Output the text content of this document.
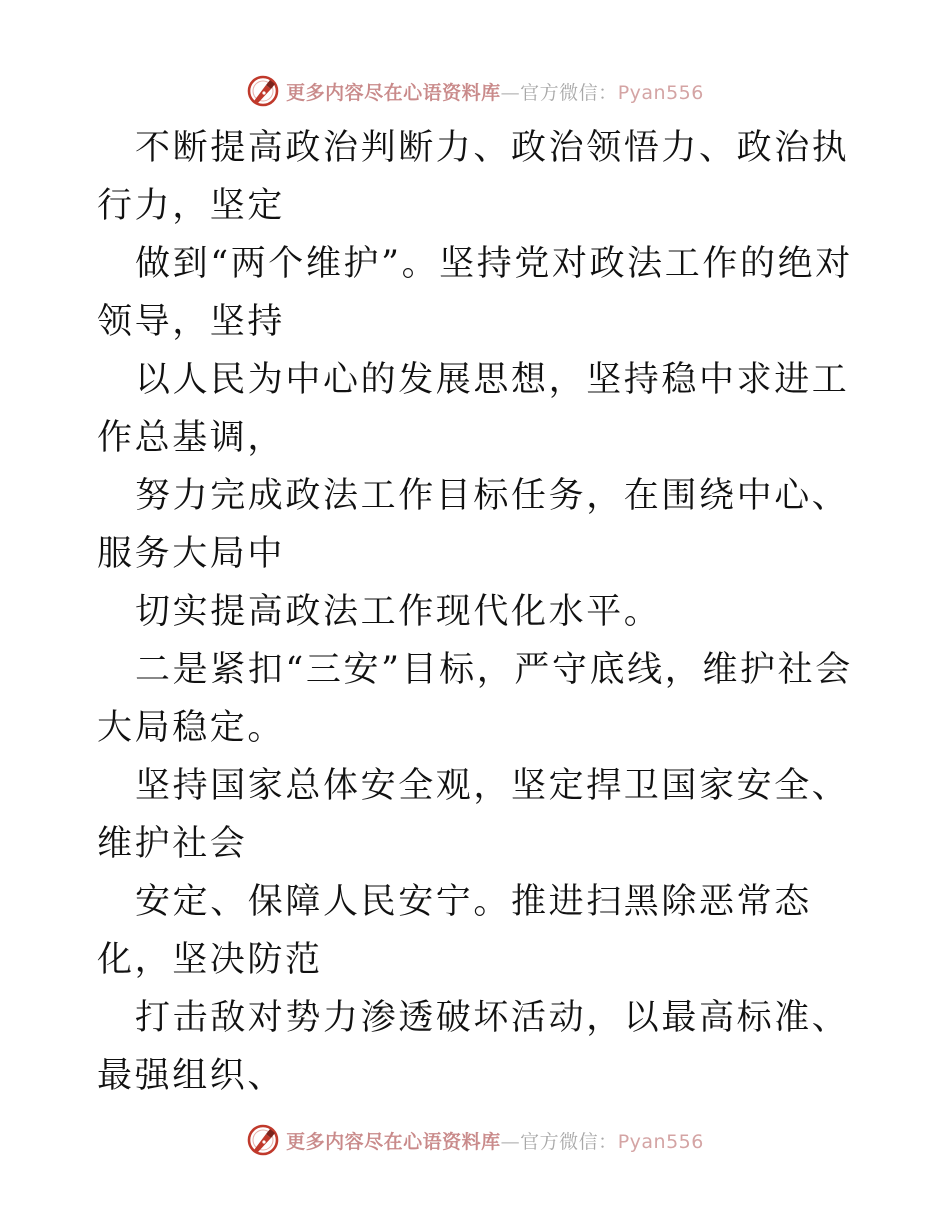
更多内容尽在心语资料库—官方微信：Pyan556

不断提高政治判断力、政治领悟力、政治执行力，坚定

做到“两个维护”。坚持党对政法工作的绝对领导，坚持

以人民为中心的发展思想，坚持稳中求进工作总基调，

努力完成政法工作目标任务，在围绕中心、服务大局中

切实提高政法工作现代化水平。

二是紧扣“三安”目标，严守底线，维护社会大局稳定。

坚持国家总体安全观，坚定捍卫国家安全、维护社会

安定、保障人民安宁。推进扫黑除恶常态化，坚决防范

打击敌对势力渗透破坏活动，以最高标准、最强组织、

更多内容尽在心语资料库—官方微信：Pyan556
